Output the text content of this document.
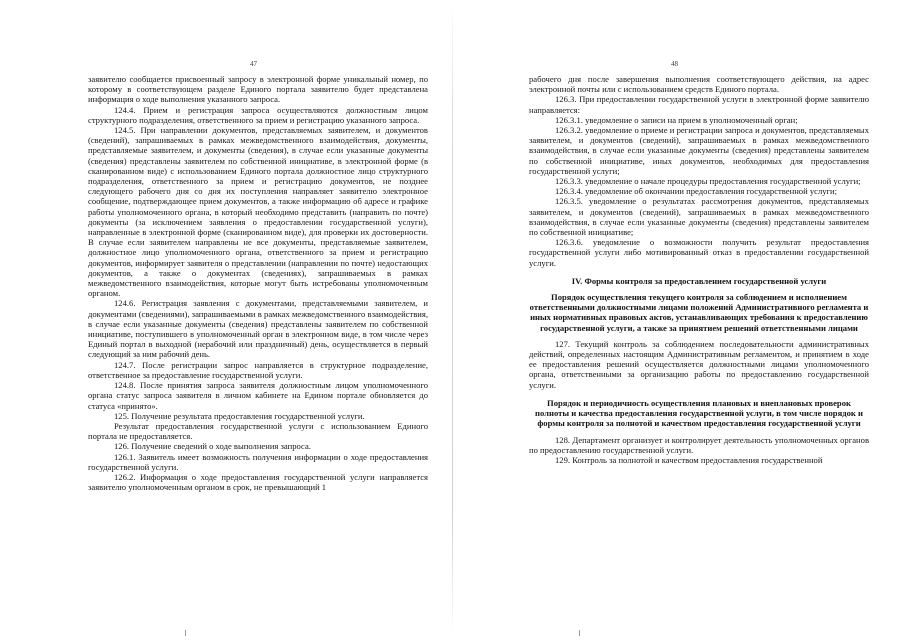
47

заявителю сообщается присвоенный запросу в электронной форме уникальный номер, по которому в соответствующем разделе Единого портала заявителю будет представлена информация о ходе выполнения указанного запроса.

124.4. Прием и регистрация запроса осуществляются должностным лицом структурного подразделения, ответственного за прием и регистрацию указанного запроса.

124.5. При направлении документов, представляемых заявителем, и документов (сведений), запрашиваемых в рамках межведомственного взаимодействия, документы, представляемые заявителем, и документы (сведения), в случае если указанные документы (сведения) представлены заявителем по собственной инициативе, в электронной форме (в сканированном виде) с использованием Единого портала должностное лицо структурного подразделения, ответственного за прием и регистрацию документов, не позднее следующего рабочего дня со дня их поступления направляет заявителю электронное сообщение, подтверждающее прием документов, а также информацию об адресе и графике работы уполномоченного органа, в который необходимо представить (направить по почте) документы (за исключением заявления о предоставлении государственной услуги), направленные в электронной форме (сканированном виде), для проверки их достоверности. В случае если заявителем направлены не все документы, представляемые заявителем, должностное лицо уполномоченного органа, ответственного за прием и регистрацию документов, информирует заявителя о представлении (направлении по почте) недостающих документов, а также о документах (сведениях), запрашиваемых в рамках межведомственного взаимодействия, которые могут быть истребованы уполномоченным органом.

124.6. Регистрация заявления с документами, представляемыми заявителем, и документами (сведениями), запрашиваемыми в рамках межведомственного взаимодействия, в случае если указанные документы (сведения) представлены заявителем по собственной инициативе, поступившего в уполномоченный орган в электронном виде, в том числе через Единый портал в выходной (нерабочий или праздничный) день, осуществляется в первый следующий за ним рабочий день.

124.7. После регистрации запрос направляется в структурное подразделение, ответственное за предоставление государственной услуги.

124.8. После принятия запроса заявителя должностным лицом уполномоченного органа статус запроса заявителя в личном кабинете на Едином портале обновляется до статуса «принято».

125. Получение результата предоставления государственной услуги.

Результат предоставления государственной услуги с использованием Единого портала не предоставляется.

126. Получение сведений о ходе выполнения запроса.

126.1. Заявитель имеет возможность получения информации о ходе предоставления государственной услуги.

126.2. Информация о ходе предоставления государственной услуги направляется заявителю уполномоченным органом в срок, не превышающий 1

48

рабочего дня после завершения выполнения соответствующего действия, на адрес электронной почты или с использованием средств Единого портала.

126.3. При предоставлении государственной услуги в электронной форме заявителю направляется:

126.3.1. уведомление о записи на прием в уполномоченный орган;

126.3.2. уведомление о приеме и регистрации запроса и документов, представляемых заявителем, и документов (сведений), запрашиваемых в рамках межведомственного взаимодействия, в случае если указанные документы (сведения) представлены заявителем по собственной инициативе, иных документов, необходимых для предоставления государственной услуги;

126.3.3. уведомление о начале процедуры предоставления государственной услуги;

126.3.4. уведомление об окончании предоставления государственной услуги;

126.3.5. уведомление о результатах рассмотрения документов, представляемых заявителем, и документов (сведений), запрашиваемых в рамках межведомственного взаимодействия, в случае если указанные документы (сведения) представлены заявителем по собственной инициативе;

126.3.6. уведомление о возможности получить результат предоставления государственной услуги либо мотивированный отказ в предоставлении государственной услуги.

IV. Формы контроля за предоставлением государственной услуги
Порядок осуществления текущего контроля за соблюдением и исполнением ответственными должностными лицами положений Административного регламента и иных нормативных правовых актов, устанавливающих требования к предоставлению государственной услуги, а также за принятием решений ответственными лицами

127. Текущий контроль за соблюдением последовательности административных действий, определенных настоящим Административным регламентом, и принятием в ходе ее предоставления решений осуществляется должностными лицами уполномоченного органа, ответственными за организацию работы по предоставлению государственной услуги.

Порядок и периодичность осуществления плановых и внеплановых проверок полноты и качества предоставления государственной услуги, в том числе порядок и формы контроля за полнотой и качеством предоставления государственной услуги

128. Департамент организует и контролирует деятельность уполномоченных органов по предоставлению государственной услуги.

129. Контроль за полнотой и качеством предоставления государственной
